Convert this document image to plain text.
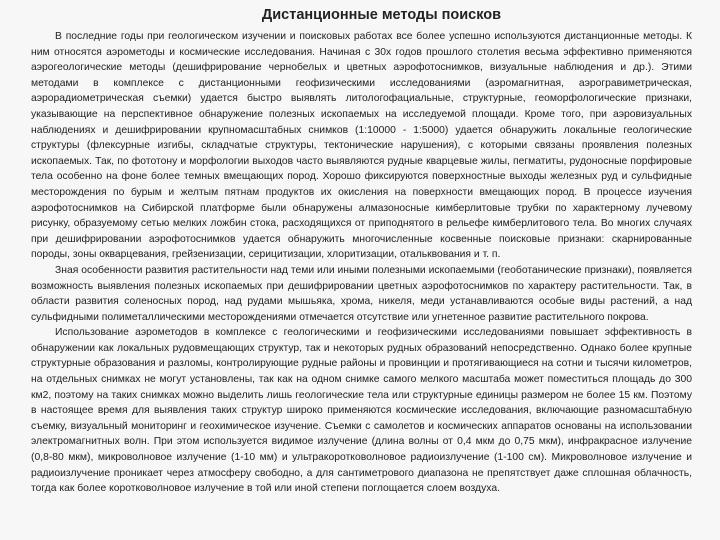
Дистанционные методы поисков

В последние годы при геологическом изучении и поисковых работах все более успешно используются дистанционные методы. К ним относятся аэрометоды и космические исследования. Начиная с 30х годов прошлого столетия весьма эффективно применяются аэрогеологические методы (дешифрирование чернобелых и цветных аэрофотоснимков, визуальные наблюдения и др.). Этими методами в комплексе с дистанционными геофизическими исследованиями (аэромагнитная, аэрогравиметрическая, аэрорадиометрическая съемки) удается быстро выявлять литологофациальные, структурные, геоморфологические признаки, указывающие на перспективное обнаружение полезных ископаемых на исследуемой площади. Кроме того, при аэровизуальных наблюдениях и дешифрировании крупномасштабных снимков (1:10000 - 1:5000) удается обнаружить локальные геологические структуры (флексурные изгибы, складчатые структуры, тектонические нарушения), с которыми связаны проявления полезных ископаемых. Так, по фототону и морфологии выходов часто выявляются рудные кварцевые жилы, пегматиты, рудоносные порфировые тела особенно на фоне более темных вмещающих пород. Хорошо фиксируются поверхностные выходы железных руд и сульфидные месторождения по бурым и желтым пятнам продуктов их окисления на поверхности вмещающих пород. В процессе изучения аэрофотоснимков на Сибирской платформе были обнаружены алмазоносные кимберлитовые трубки по характерному лучевому рисунку, образуемому сетью мелких ложбин стока, расходящихся от приподнятого в рельефе кимберлитового тела. Во многих случаях при дешифрировании аэрофотоснимков удается обнаружить многочисленные косвенные поисковые признаки: скарнированные породы, зоны окварцевания, грейзенизации, серицитизации, хлоритизации, отальквования и т. п.

Зная особенности развития растительности над теми или иными полезными ископаемыми (геоботанические признаки), появляется возможность выявления полезных ископаемых при дешифрировании цветных аэрофотоснимков по характеру растительности. Так, в области развития соленосных пород, над рудами мышьяка, хрома, никеля, меди устанавливаются особые виды растений, а над сульфидными полиметаллическими месторождениями отмечается отсутствие или угнетенное развитие растительного покрова.

Использование аэрометодов в комплексе с геологическими и геофизическими исследованиями повышает эффективность в обнаружении как локальных рудовмещающих структур, так и некоторых рудных образований непосредственно. Однако более крупные структурные образования и разломы, контролирующие рудные районы и провинции и протягивающиеся на сотни и тысячи километров, на отдельных снимках не могут установлены, так как на одном снимке самого мелкого масштаба может поместиться площадь до 300 км2, поэтому на таких снимках можно выделить лишь геологические тела или структурные единицы размером не более 15 км. Поэтому в настоящее время для выявления таких структур широко применяются космические исследования, включающие разномасштабную съемку, визуальный мониторинг и геохимическое изучение. Съемки с самолетов и космических аппаратов основаны на использовании электромагнитных волн. При этом используется видимое излучение (длина волны от 0,4 мкм до 0,75 мкм), инфракрасное излучение (0,8-80 мкм), микроволновое излучение (1-10 мм) и ультракоротковолновое радиоизлучение (1-100 см). Микроволновое излучение и радиоизлучение проникает через атмосферу свободно, а для сантиметрового диапазона не препятствует даже сплошная облачность, тогда как более коротковолновое излучение в той или иной степени поглощается слоем воздуха.
